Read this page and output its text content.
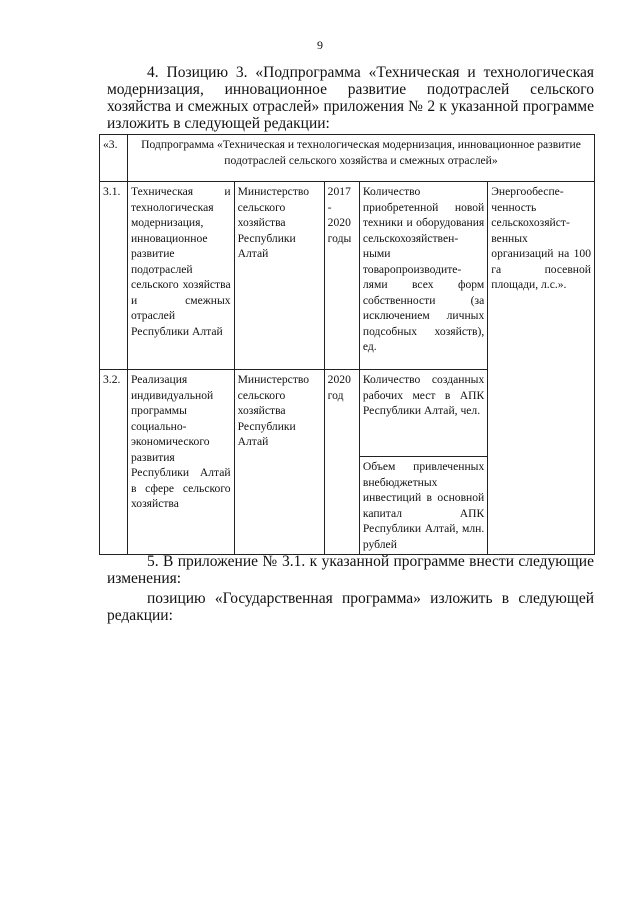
9
4. Позицию 3. «Подпрограмма «Техническая и технологическая модернизация, инновационное развитие подотраслей сельского хозяйства и смежных отраслей» приложения № 2 к указанной программе изложить в следующей редакции:
«3.	Подпрограмма «Техническая и технологическая модернизация, инновационное развитие подотраслей сельского хозяйства и смежных отраслей»				
3.1.	Техническая и технологическая модернизация, инновационное развитие подотраслей сельского хозяйства и смежных отраслей Республики Алтай	Министерство сельского хозяйства Республики Алтай	2017 - 2020 годы	Количество приобретенной новой техники и оборудования сельскохозяйствен- ными товаропроизводите- лями всех форм собственности (за исключением личных подсобных хозяйств), ед.	Энергообеспе- ченность сельскохозяйст- венных организаций на 100 га посевной площади, л.с.».
3.2.	Реализация индивидуальной программы социально- экономического развития Республики Алтай в сфере сельского хозяйства	Министерство сельского хозяйства Республики Алтай	2020 год	Количество созданных рабочих мест в АПК Республики Алтай, чел.	
				Объем привлеченных внебюджетных инвестиций в основной капитал АПК Республики Алтай, млн. рублей	
5. В приложение № 3.1. к указанной программе внести следующие изменения:
позицию «Государственная программа» изложить в следующей редакции:
